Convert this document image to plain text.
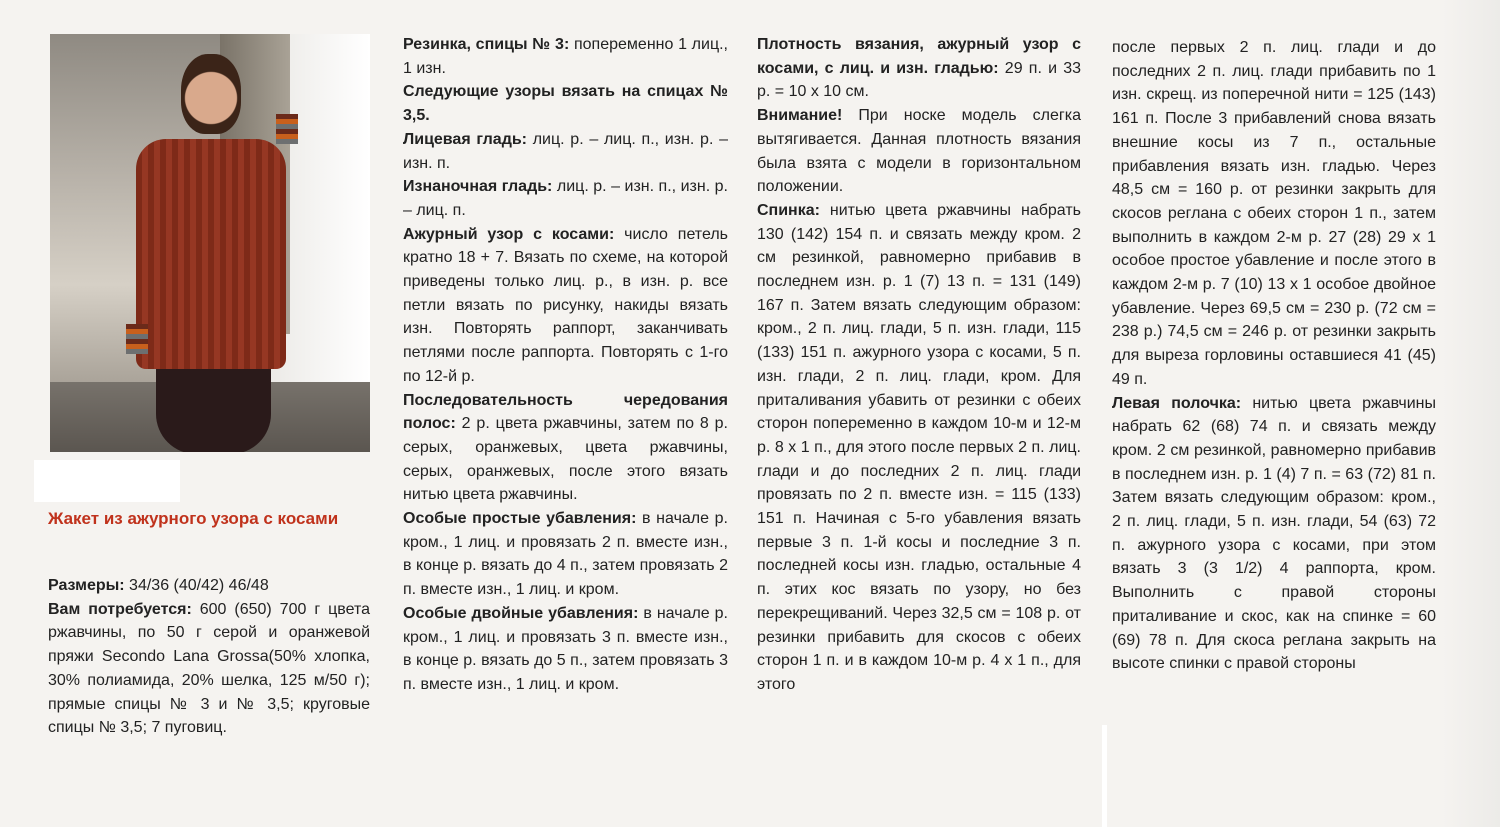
Жакет из ажурного узора с косами

Размеры: 34/36 (40/42) 46/48

Вам потребуется: 600 (650) 700 г цвета ржавчины, по 50 г серой и оранжевой пряжи Secondo Lana Grossa(50% хлопка, 30% полиамида, 20% шелка, 125 м/50 г); прямые спицы № 3 и № 3,5; круговые спицы № 3,5; 7 пуговиц.

Резинка, спицы № 3: попеременно 1 лиц., 1 изн.

Следующие узоры вязать на спицах № 3,5.

Лицевая гладь: лиц. р. – лиц. п., изн. р. – изн. п.

Изнаночная гладь: лиц. р. – изн. п., изн. р. – лиц. п.

Ажурный узор с косами: число петель кратно 18 + 7. Вязать по схеме, на которой приведены только лиц. р., в изн. р. все петли вязать по рисунку, накиды вязать изн. Повторять раппорт, заканчивать петлями после раппорта. Повторять с 1-го по 12-й р.

Последовательность чередования полос: 2 р. цвета ржавчины, затем по 8 р. серых, оранжевых, цвета ржавчины, серых, оранжевых, после этого вязать нитью цвета ржавчины.

Особые простые убавления: в начале р. кром., 1 лиц. и провязать 2 п. вместе изн., в конце р. вязать до 4 п., затем провязать 2 п. вместе изн., 1 лиц. и кром.

Особые двойные убавления: в начале р. кром., 1 лиц. и провязать 3 п. вместе изн., в конце р. вязать до 5 п., затем провязать 3 п. вместе изн., 1 лиц. и кром.

Плотность вязания, ажурный узор с косами, с лиц. и изн. гладью: 29 п. и 33 р. = 10 х 10 см.

Внимание! При носке модель слегка вытягивается. Данная плотность вязания была взята с модели в горизонтальном положении.

Спинка: нитью цвета ржавчины набрать 130 (142) 154 п. и связать между кром. 2 см резинкой, равномерно прибавив в последнем изн. р. 1 (7) 13 п. = 131 (149) 167 п. Затем вязать следующим образом: кром., 2 п. лиц. глади, 5 п. изн. глади, 115 (133) 151 п. ажурного узора с косами, 5 п. изн. глади, 2 п. лиц. глади, кром. Для приталивания убавить от резинки с обеих сторон попеременно в каждом 10-м и 12-м р. 8 х 1 п., для этого после первых 2 п. лиц. глади и до последних 2 п. лиц. глади провязать по 2 п. вместе изн. = 115 (133) 151 п. Начиная с 5-го убавления вязать первые 3 п. 1-й косы и последние 3 п. последней косы изн. гладью, остальные 4 п. этих кос вязать по узору, но без перекрещиваний. Через 32,5 см = 108 р. от резинки прибавить для скосов с обеих сторон 1 п. и в каждом 10-м р. 4 х 1 п., для этого

после первых 2 п. лиц. глади и до последних 2 п. лиц. глади прибавить по 1 изн. скрещ. из поперечной нити = 125 (143) 161 п. После 3 прибавлений снова вязать внешние косы из 7 п., остальные прибавления вязать изн. гладью. Через 48,5 см = 160 р. от резинки закрыть для скосов реглана с обеих сторон 1 п., затем выполнить в каждом 2-м р. 27 (28) 29 х 1 особое простое убавление и после этого в каждом 2-м р. 7 (10) 13 х 1 особое двойное убавление. Через 69,5 см = 230 р. (72 см = 238 р.) 74,5 см = 246 р. от резинки закрыть для выреза горловины оставшиеся 41 (45) 49 п.

Левая полочка: нитью цвета ржавчины набрать 62 (68) 74 п. и связать между кром. 2 см резинкой, равномерно прибавив в последнем изн. р. 1 (4) 7 п. = 63 (72) 81 п. Затем вязать следующим образом: кром., 2 п. лиц. глади, 5 п. изн. глади, 54 (63) 72 п. ажурного узора с косами, при этом вязать 3 (3 1/2) 4 раппорта, кром. Выполнить с правой стороны приталивание и скос, как на спинке = 60 (69) 78 п. Для скоса реглана закрыть на высоте спинки с правой стороны
